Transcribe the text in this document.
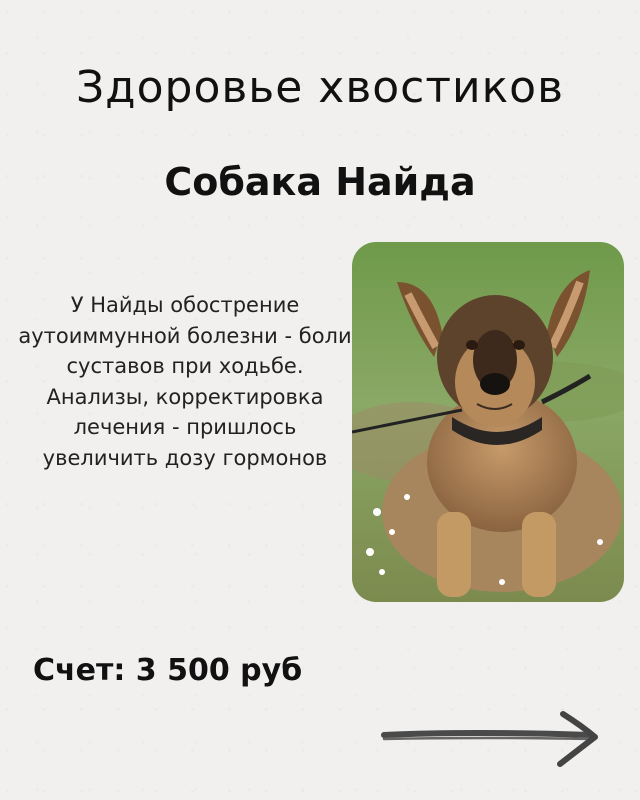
Здоровье хвостиков
Собака Найда
У Найды обострение аутоиммунной болезни - боли суставов при ходьбе. Анализы, корректировка лечения - пришлось увеличить дозу гормонов
Счет: 3 500 руб
